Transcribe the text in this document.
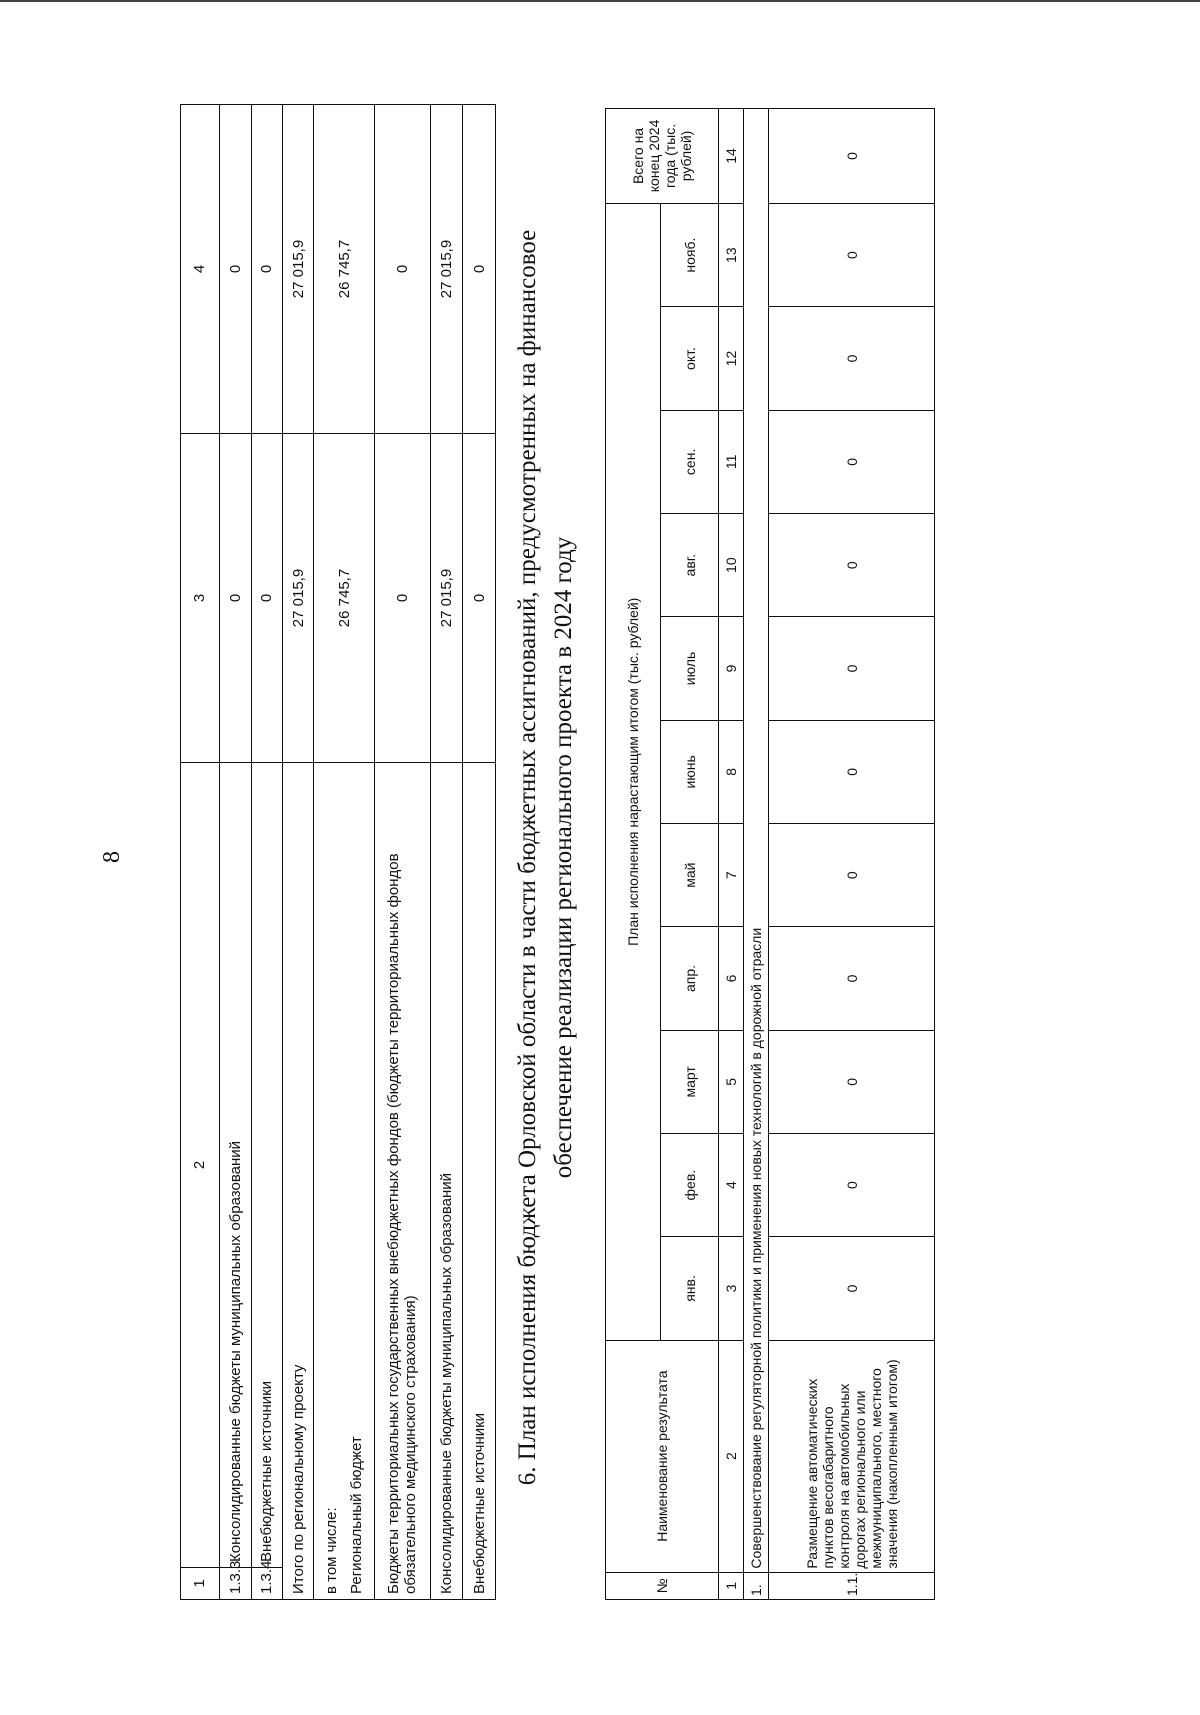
8
1	2	3	4
1.3.3.	Консолидированные бюджеты муниципальных образований	0	0
1.3.4.	Внебюджетные источники	0	0
Итого по региональному проекту		27 015,9	27 015,9

в том числе: Региональный бюджет		26 745,7	26 745,7
Бюджеты территориальных государственных внебюджетных фондов (бюджеты территориальных фондов обязательного медицинского страхования)		0	0
Консолидированные бюджеты муниципальных образований		27 015,9	27 015,9
Внебюджетные источники		0	0 6. План исполнения бюджета Орловской области в части бюджетных ассигнований, предусмотренных на финансовое обеспечение реализации регионального проекта в 2024 году
№	Наименование результата	План исполнения нарастающим итогом (тыс. рублей)											Всего на конец 2024 года (тыс. рублей)
		янв.	фев.	март	апр.	май	июнь	июль	авг.	сен.	окт.	нояб.	
1	2	3	4	5	6	7	8	9	10	11	12	13	14
1.	Совершенствование регуляторной политики и применения новых технологий в дорожной отрасли												
1.1.	Размещение автоматических пунктов весогабаритного контроля на автомобильных дорогах регионального или межмуниципального, местного значения (накопленным итогом)	0	0	0	0	0	0	0	0	0	0	0	0
